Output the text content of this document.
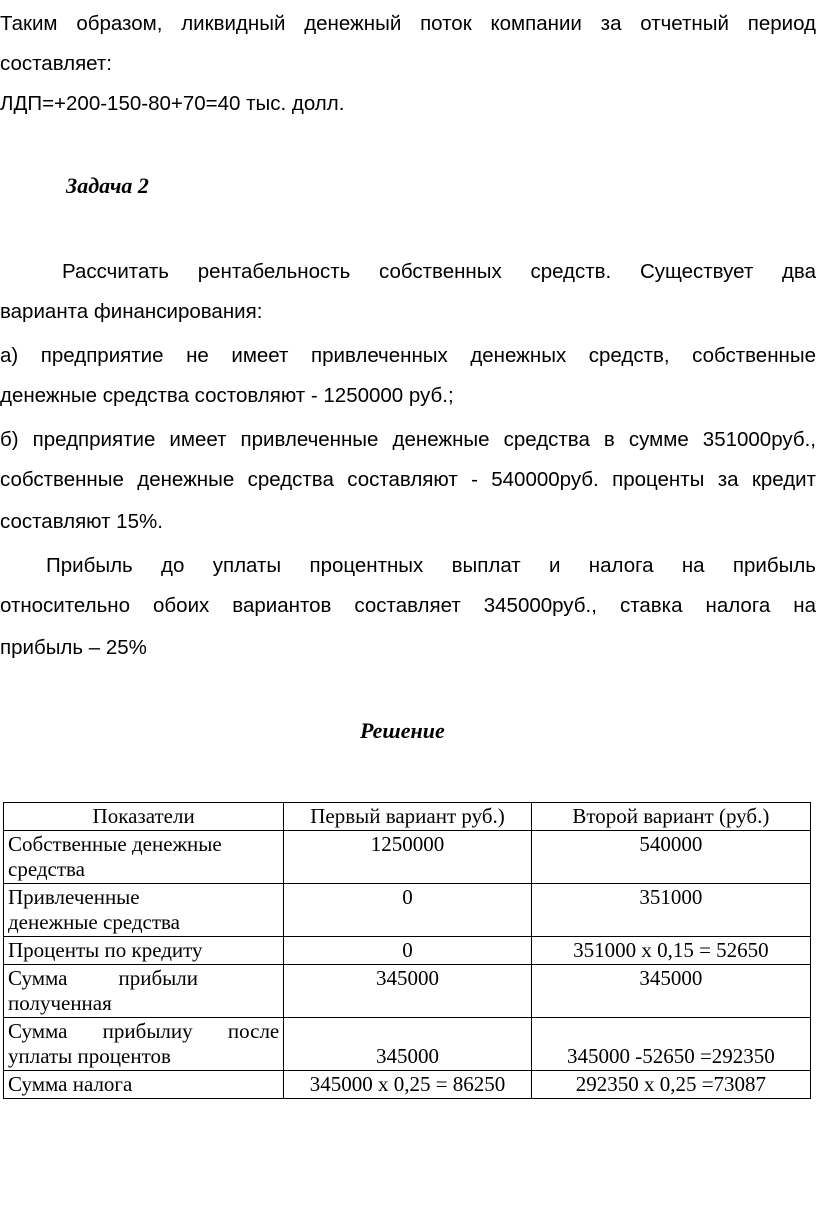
Таким образом, ликвидный денежный поток компании за отчетный период
составляет:
ЛДП=+200-150-80+70=40 тыс. долл.
Задача 2
Рассчитать рентабельность собственных средств. Существует два
варианта финансирования:
а) предприятие не имеет привлеченных денежных средств, собственные
денежные средства состовляют - 1250000 руб.;
б) предприятие имеет привлеченные денежные средства в сумме 351000руб.,
собственные денежные средства составляют - 540000руб. проценты за кредит
составляют 15%.
Прибыль до уплаты процентных выплат и налога на прибыль
относительно обоих вариантов составляет 345000руб., ставка налога на
прибыль – 25%
Решение
Показатели	Первый вариант руб.)	Второй вариант (руб.)

Собственные денежные
средства	1250000	540000

Привлеченные
денежные средства	0	351000

Проценты по кредиту	0	351000 х 0,15 = 52650

Сумма прибыли
полученная	345000	345000

Сумма прибылиу после
уплаты процентов	345000	345000 -52650 =292350

Сумма налога	345000 х 0,25 = 86250	292350 х 0,25 =73087
